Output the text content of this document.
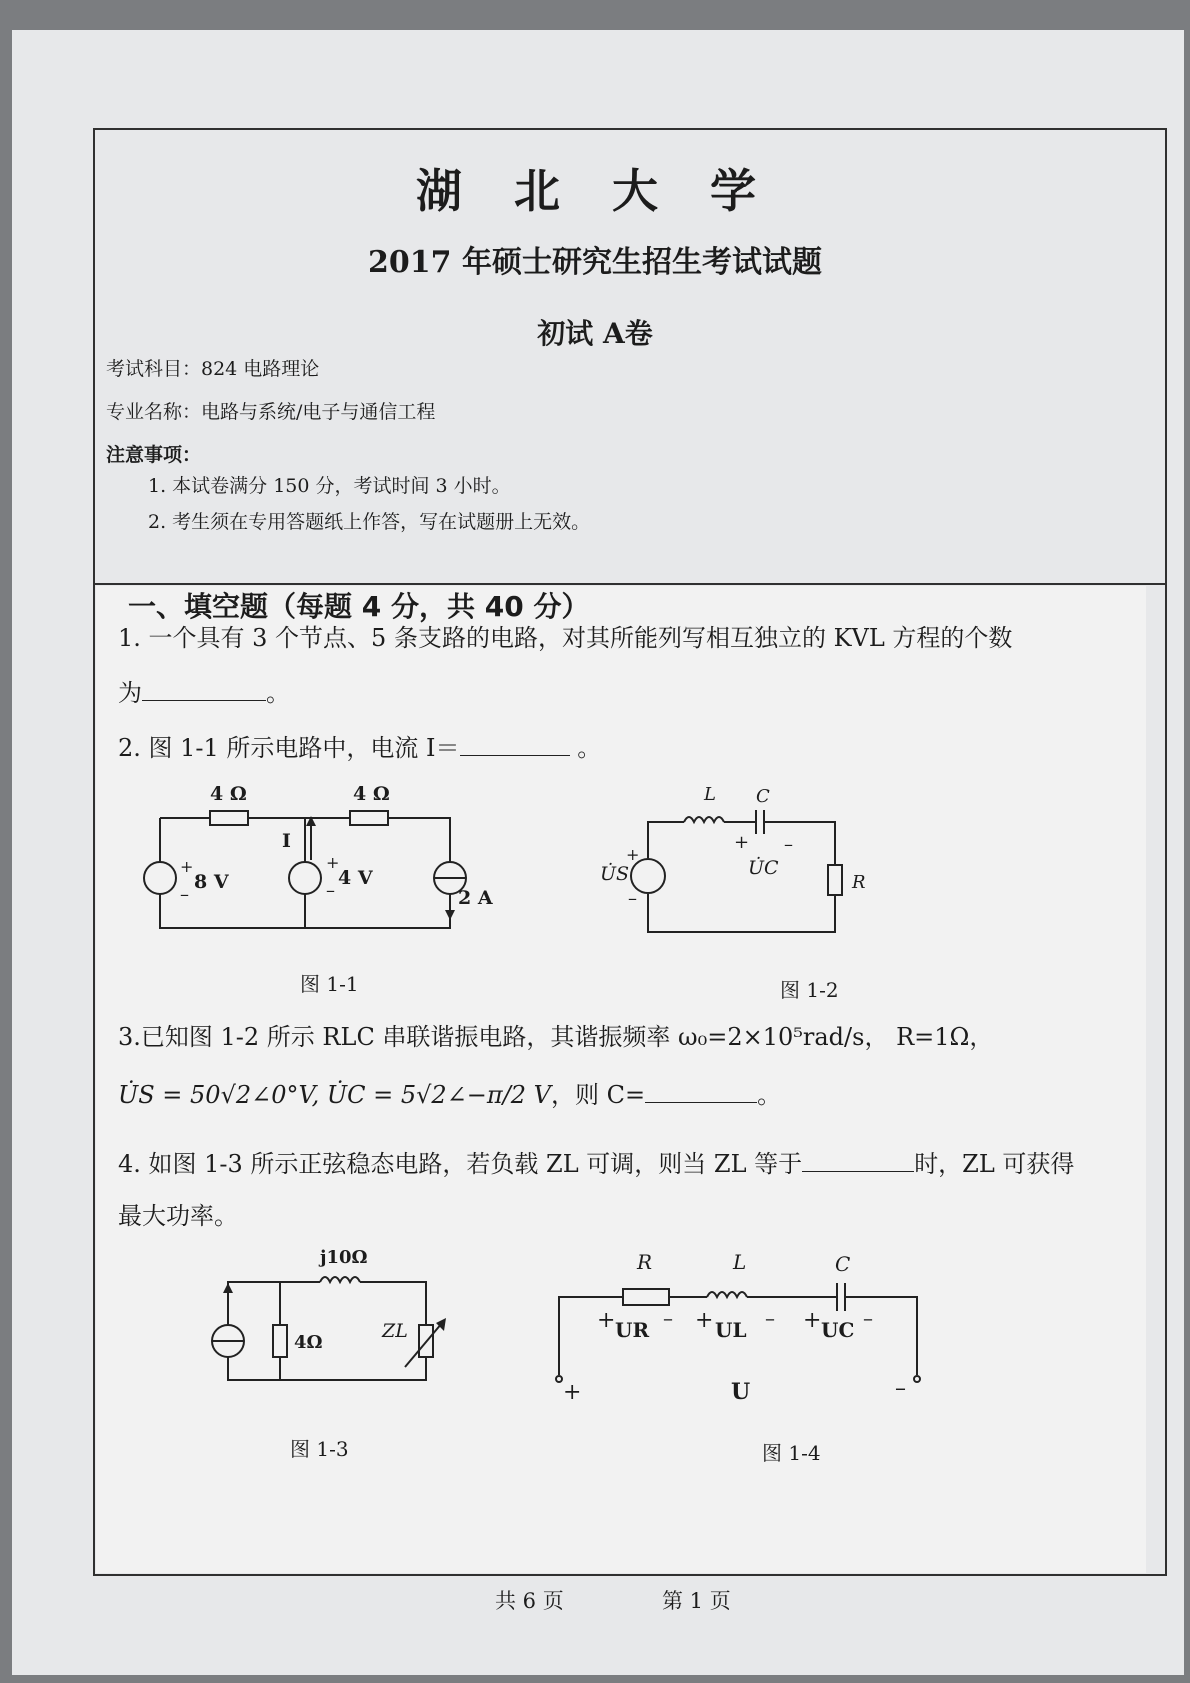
湖 北 大 学
2017 年硕士研究生招生考试试题
初试 A卷
考试科目：824 电路理论
专业名称：电路与系统/电子与通信工程
注意事项：
1. 本试卷满分 150 分，考试时间 3 小时。
2. 考生须在专用答题纸上作答，写在试题册上无效。
一、填空题（每题 4 分，共 40 分）
1. 一个具有 3 个节点、5 条支路的电路，对其所能列写相互独立的 KVL 方程的个数
为	。
2. 图 1-1 所示电路中，电流 I＝	。
4 Ω	4 Ω
I
+
–
8 V
+
–
4 V
2 A
图 1-1
L C
+ –
U̇C
R
U̇S
+
–
图 1-2
3.已知图 1-2 所示 RLC 串联谐振电路，其谐振频率 ω₀=2×10⁵rad/s， R=1Ω，
U̇S = 50√2∠0°V, U̇C = 5√2∠−π/2 V，则 C=	。
4. 如图 1-3 所示正弦稳态电路，若负载 ZL 可调，则当 ZL 等于	时，ZL 可获得
最大功率。
j10Ω
4Ω
ZL
图 1-3
R	L	C
+ UR – + UL – + UC –
+	U	–
图 1-4
共 6 页	第 1 页
